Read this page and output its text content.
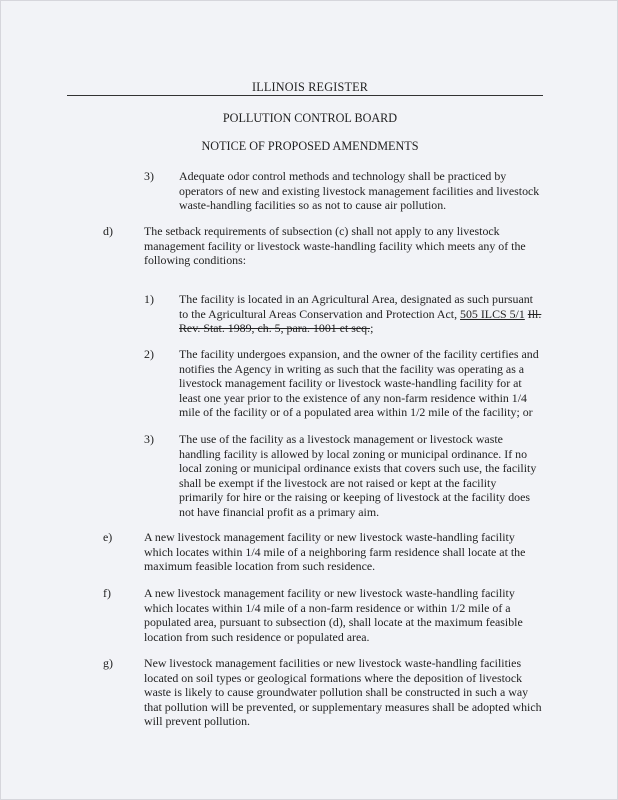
ILLINOIS REGISTER
POLLUTION CONTROL BOARD
NOTICE OF PROPOSED AMENDMENTS
3) Adequate odor control methods and technology shall be practiced by operators of new and existing livestock management facilities and livestock waste-handling facilities so as not to cause air pollution.
d)	The setback requirements of subsection (c) shall not apply to any livestock management facility or livestock waste-handling facility which meets any of the following conditions:
1) The facility is located in an Agricultural Area, designated as such pursuant to the Agricultural Areas Conservation and Protection Act, 505 ILCS 5/1 Ill. Rev. Stat. 1989, ch. 5, para. 1001 et seq.;
2) The facility undergoes expansion, and the owner of the facility certifies and notifies the Agency in writing as such that the facility was operating as a livestock management facility or livestock waste-handling facility for at least one year prior to the existence of any non-farm residence within 1/4 mile of the facility or of a populated area within 1/2 mile of the facility; or
3) The use of the facility as a livestock management or livestock waste handling facility is allowed by local zoning or municipal ordinance. If no local zoning or municipal ordinance exists that covers such use, the facility shall be exempt if the livestock are not raised or kept at the facility primarily for hire or the raising or keeping of livestock at the facility does not have financial profit as a primary aim.
e)	A new livestock management facility or new livestock waste-handling facility which locates within 1/4 mile of a neighboring farm residence shall locate at the maximum feasible location from such residence.
f)	A new livestock management facility or new livestock waste-handling facility which locates within 1/4 mile of a non-farm residence or within 1/2 mile of a populated area, pursuant to subsection (d), shall locate at the maximum feasible location from such residence or populated area.
g)	New livestock management facilities or new livestock waste-handling facilities located on soil types or geological formations where the deposition of livestock waste is likely to cause groundwater pollution shall be constructed in such a way that pollution will be prevented, or supplementary measures shall be adopted which will prevent pollution.
